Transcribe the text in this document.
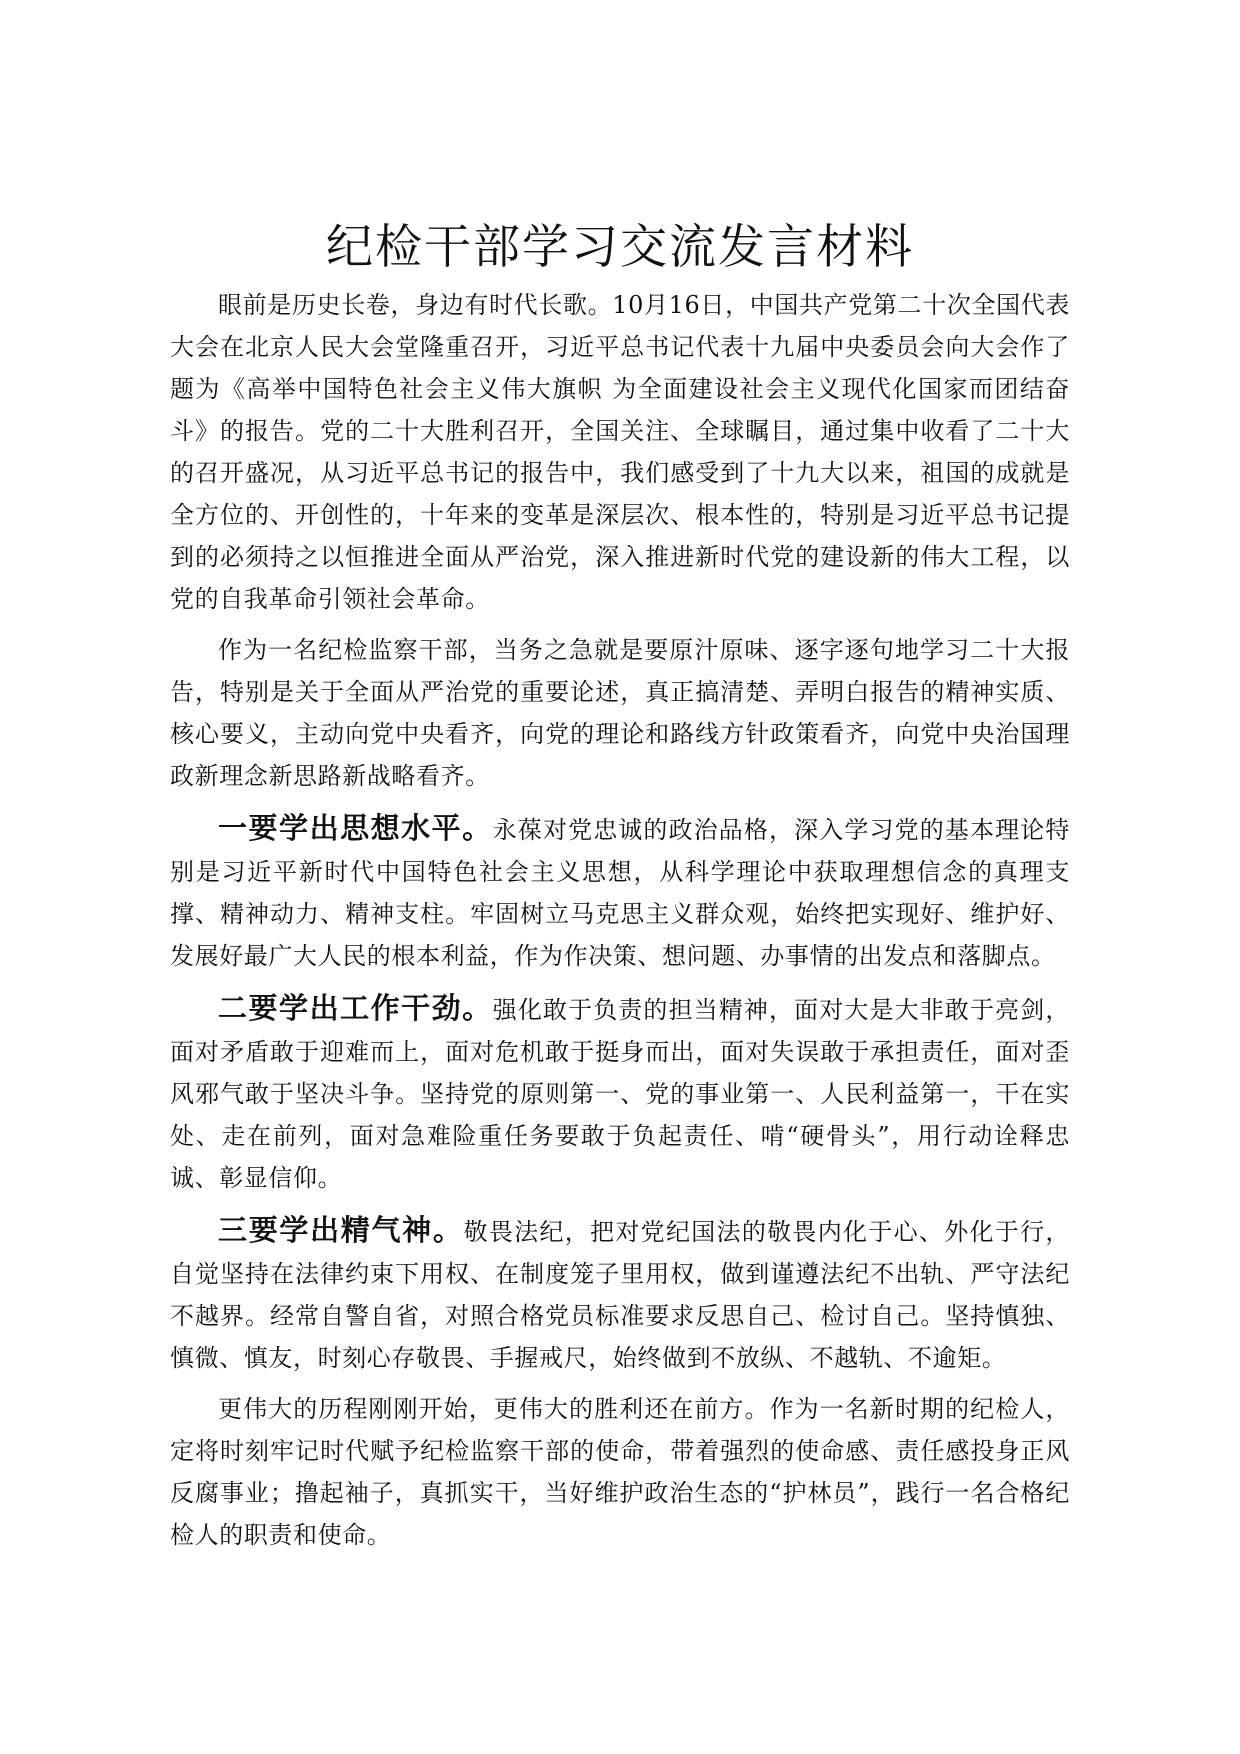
纪检干部学习交流发言材料

眼前是历史长卷，身边有时代长歌。10月16日，中国共产党第二十次全国代表大会在北京人民大会堂隆重召开，习近平总书记代表十九届中央委员会向大会作了题为《高举中国特色社会主义伟大旗帜 为全面建设社会主义现代化国家而团结奋斗》的报告。党的二十大胜利召开，全国关注、全球瞩目，通过集中收看了二十大的召开盛况，从习近平总书记的报告中，我们感受到了十九大以来，祖国的成就是全方位的、开创性的，十年来的变革是深层次、根本性的，特别是习近平总书记提到的必须持之以恒推进全面从严治党，深入推进新时代党的建设新的伟大工程，以党的自我革命引领社会革命。

作为一名纪检监察干部，当务之急就是要原汁原味、逐字逐句地学习二十大报告，特别是关于全面从严治党的重要论述，真正搞清楚、弄明白报告的精神实质、核心要义，主动向党中央看齐，向党的理论和路线方针政策看齐，向党中央治国理政新理念新思路新战略看齐。

一要学出思想水平。永葆对党忠诚的政治品格，深入学习党的基本理论特别是习近平新时代中国特色社会主义思想，从科学理论中获取理想信念的真理支撑、精神动力、精神支柱。牢固树立马克思主义群众观，始终把实现好、维护好、发展好最广大人民的根本利益，作为作决策、想问题、办事情的出发点和落脚点。

二要学出工作干劲。强化敢于负责的担当精神，面对大是大非敢于亮剑，面对矛盾敢于迎难而上，面对危机敢于挺身而出，面对失误敢于承担责任，面对歪风邪气敢于坚决斗争。坚持党的原则第一、党的事业第一、人民利益第一，干在实处、走在前列，面对急难险重任务要敢于负起责任、啃“硬骨头”，用行动诠释忠诚、彰显信仰。

三要学出精气神。敬畏法纪，把对党纪国法的敬畏内化于心、外化于行，自觉坚持在法律约束下用权、在制度笼子里用权，做到谨遵法纪不出轨、严守法纪不越界。经常自警自省，对照合格党员标准要求反思自己、检讨自己。坚持慎独、慎微、慎友，时刻心存敬畏、手握戒尺，始终做到不放纵、不越轨、不逾矩。

更伟大的历程刚刚开始，更伟大的胜利还在前方。作为一名新时期的纪检人，定将时刻牢记时代赋予纪检监察干部的使命，带着强烈的使命感、责任感投身正风反腐事业；撸起袖子，真抓实干，当好维护政治生态的“护林员”，践行一名合格纪检人的职责和使命。
